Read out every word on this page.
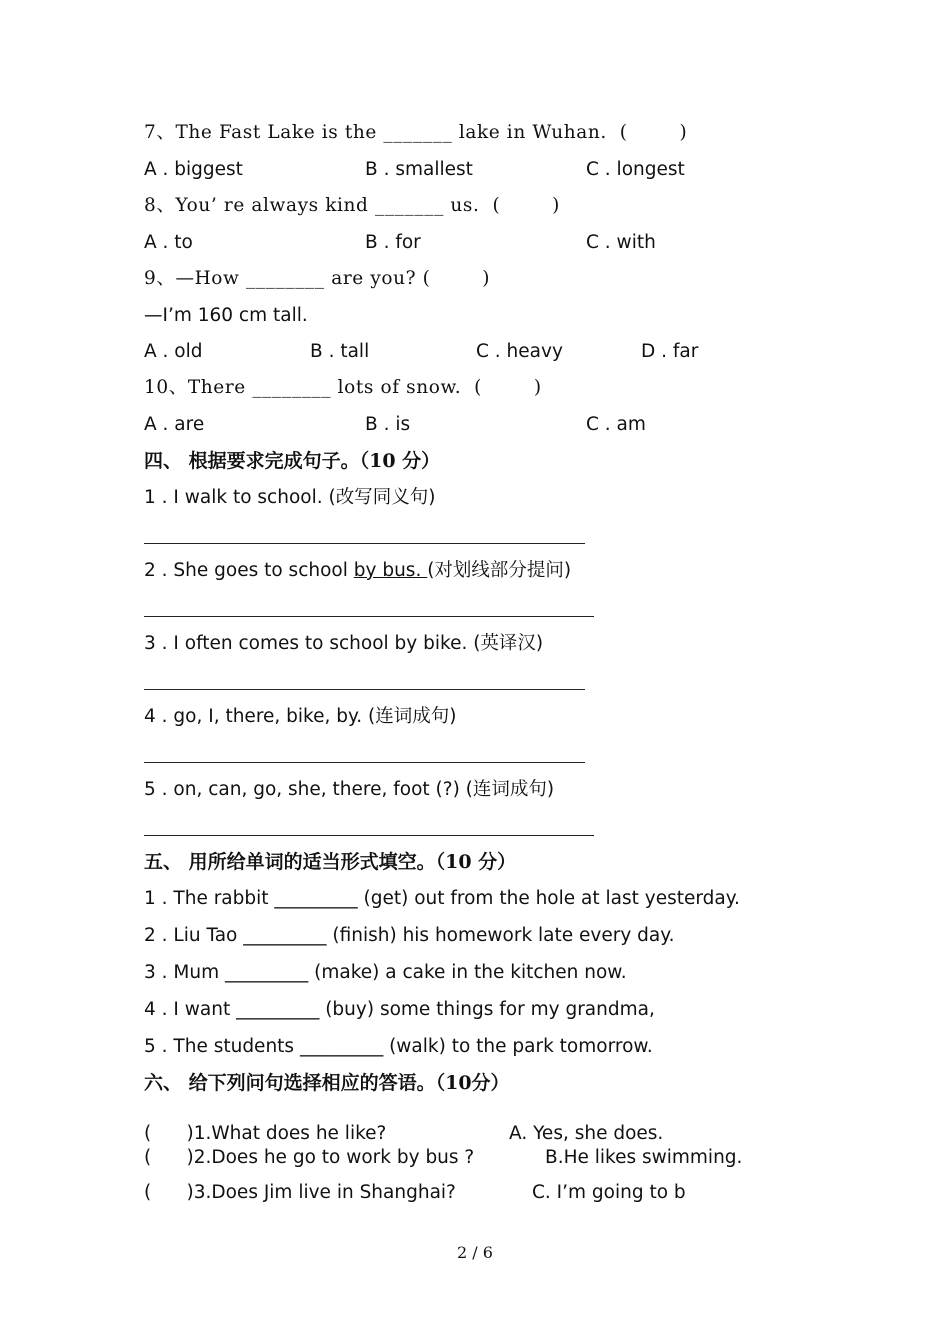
7、The Fast Lake is the _______ lake in Wuhan.  (        )
A . biggest	B . smallest	C . longest
8、You’ re always kind _______ us.  (        )
A . to	B . for	C . with
9、—How ________ are you? (        )
—I’m 160 cm tall.
A . old	B . tall	C . heavy	D . far
10、There ________ lots of snow.  (        )
A . are	B . is	C . am
四、 根据要求完成句子。（10 分）
1 . I walk to school. (改写同义句)
2 . She goes to school by bus. (对划线部分提问)
3 . I often comes to school by bike. (英译汉)
4 . go, I, there, bike, by. (连词成句)
5 . on, can, go, she, there, foot (?) (连词成句)
五、 用所给单词的适当形式填空。（10 分）
1 . The rabbit _________ (get) out from the hole at last yesterday.
2 . Liu Tao _________ (finish) his homework late every day.
3 . Mum _________ (make) a cake in the kitchen now.
4 . I want _________ (buy) some things for my grandma,
5 . The students _________ (walk) to the park tomorrow.
六、 给下列问句选择相应的答语。（10分）
(      )1.What does he like?	A. Yes, she does.
(      )2.Does he go to work by bus ?	B.He likes swimming.
(      )3.Does Jim live in Shanghai?	C. I’m going to b
2 / 6
